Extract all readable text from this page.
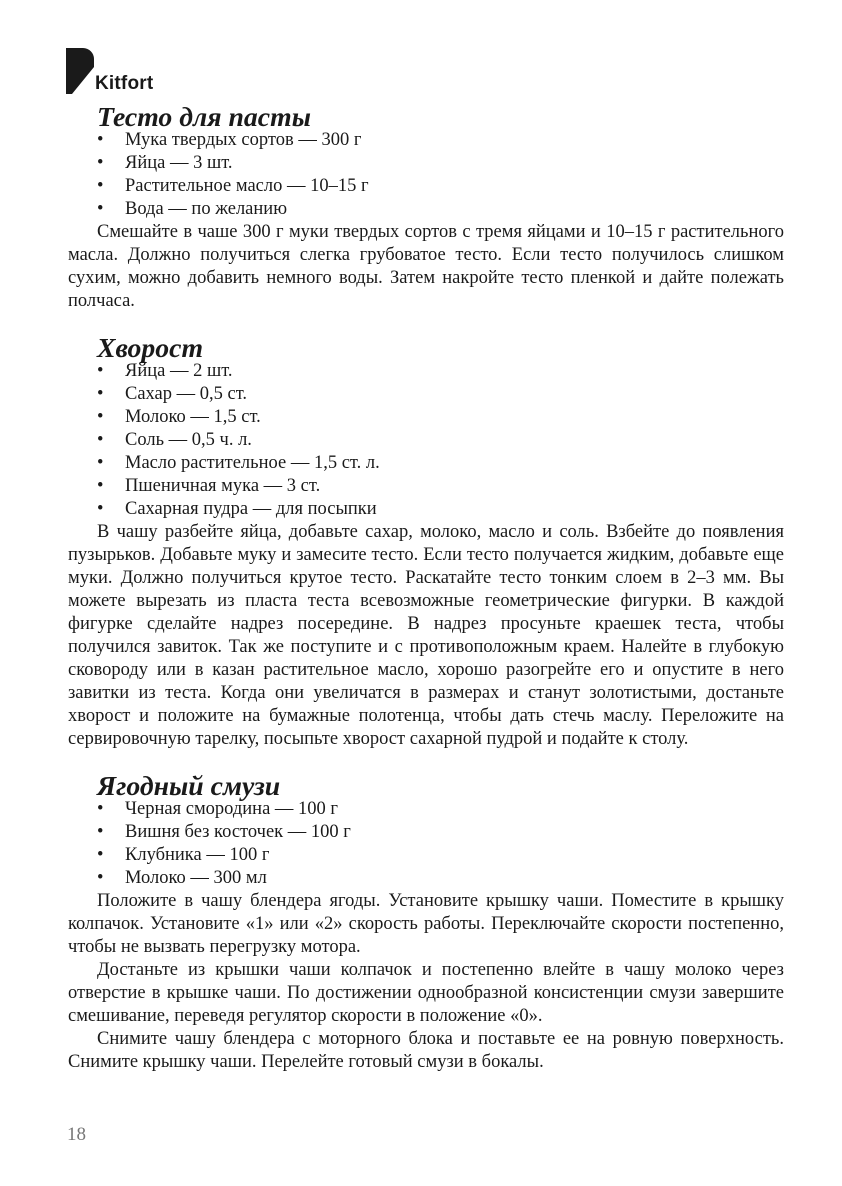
Kitfort
Тесто для пасты
• Мука твердых сортов — 300 г
• Яйца — 3 шт.
• Растительное масло — 10–15 г
• Вода — по желанию

Смешайте в чаше 300 г муки твердых сортов с тремя яйцами и 10–15 г растительного масла. Должно получиться слегка грубоватое тесто. Если тесто получилось слишком сухим, можно добавить немного воды. Затем накройте тесто пленкой и дайте полежать полчаса.

Хворост
• Яйца — 2 шт.
• Сахар — 0,5 ст.
• Молоко — 1,5 ст.
• Соль — 0,5 ч. л.
• Масло растительное — 1,5 ст. л.
• Пшеничная мука — 3 ст.
• Сахарная пудра — для посыпки

В чашу разбейте яйца, добавьте сахар, молоко, масло и соль. Взбейте до появления пузырьков. Добавьте муку и замесите тесто. Если тесто получается жидким, добавьте еще муки. Должно получиться крутое тесто. Раскатайте тесто тонким слоем в 2–3 мм. Вы можете вырезать из пласта теста всевозможные геометрические фигурки. В каждой фигурке сделайте надрез посередине. В надрез просуньте краешек теста, чтобы получился завиток. Так же поступите и с противоположным краем. Налейте в глубокую сковороду или в казан растительное масло, хорошо разогрейте его и опустите в него завитки из теста. Когда они увеличатся в размерах и станут золотистыми, достаньте хворост и положите на бумажные полотенца, чтобы дать стечь маслу. Переложите на сервировочную тарелку, посыпьте хворост сахарной пудрой и подайте к столу.

Ягодный смузи
• Черная смородина — 100 г
• Вишня без косточек — 100 г
• Клубника — 100 г
• Молоко — 300 мл

Положите в чашу блендера ягоды. Установите крышку чаши. Поместите в крышку колпачок. Установите «1» или «2» скорость работы. Переключайте скорости постепенно, чтобы не вызвать перегрузку мотора.

Достаньте из крышки чаши колпачок и постепенно влейте в чашу молоко через отверстие в крышке чаши. По достижении однообразной консистенции смузи завершите смешивание, переведя регулятор скорости в положение «0».

Снимите чашу блендера с моторного блока и поставьте ее на ровную поверхность. Снимите крышку чаши. Перелейте готовый смузи в бокалы.

18
